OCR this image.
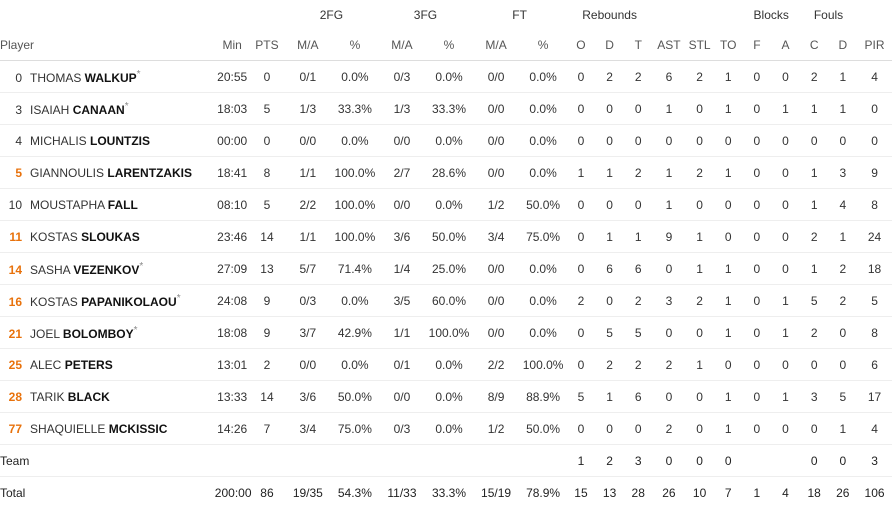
			2FG		3FG		FT		Rebounds						Blocks		Fouls		
Player	Min	PTS	M/A	%	M/A	%	M/A	%	O	D	T	AST	STL	TO	F	A	C	D	PIR
0 THOMAS WALKUP*	20:55	0	0/1	0.0%	0/3	0.0%	0/0	0.0%	0	2	2	6	2	1	0	0	2	1	4
3 ISAIAH CANAAN*	18:03	5	1/3	33.3%	1/3	33.3%	0/0	0.0%	0	0	0	1	0	1	0	1	1	1	0
4 MICHALIS LOUNTZIS	00:00	0	0/0	0.0%	0/0	0.0%	0/0	0.0%	0	0	0	0	0	0	0	0	0	0	0
5 GIANNOULIS LARENTZAKIS	18:41	8	1/1	100.0%	2/7	28.6%	0/0	0.0%	1	1	2	1	2	1	0	0	1	3	9
10 MOUSTAPHA FALL	08:10	5	2/2	100.0%	0/0	0.0%	1/2	50.0%	0	0	0	1	0	0	0	0	1	4	8
11 KOSTAS SLOUKAS	23:46	14	1/1	100.0%	3/6	50.0%	3/4	75.0%	0	1	1	9	1	0	0	0	2	1	24
14 SASHA VEZENKOV*	27:09	13	5/7	71.4%	1/4	25.0%	0/0	0.0%	0	6	6	0	1	1	0	0	1	2	18
16 KOSTAS PAPANIKOLAOU*	24:08	9	0/3	0.0%	3/5	60.0%	0/0	0.0%	2	0	2	3	2	1	0	1	5	2	5
21 JOEL BOLOMBOY*	18:08	9	3/7	42.9%	1/1	100.0%	0/0	0.0%	0	5	5	0	0	1	0	1	2	0	8
25 ALEC PETERS	13:01	2	0/0	0.0%	0/1	0.0%	2/2	100.0%	0	2	2	2	1	0	0	0	0	0	6
28 TARIK BLACK	13:33	14	3/6	50.0%	0/0	0.0%	8/9	88.9%	5	1	6	0	0	1	0	1	3	5	17
77 SHAQUIELLE MCKISSIC	14:26	7	3/4	75.0%	0/3	0.0%	1/2	50.0%	0	0	0	2	0	1	0	0	0	1	4
Team									1	2	3	0	0	0			0	0	3
Total	200:00	86	19/35	54.3%	11/33	33.3%	15/19	78.9%	15	13	28	26	10	7	1	4	18	26	106
